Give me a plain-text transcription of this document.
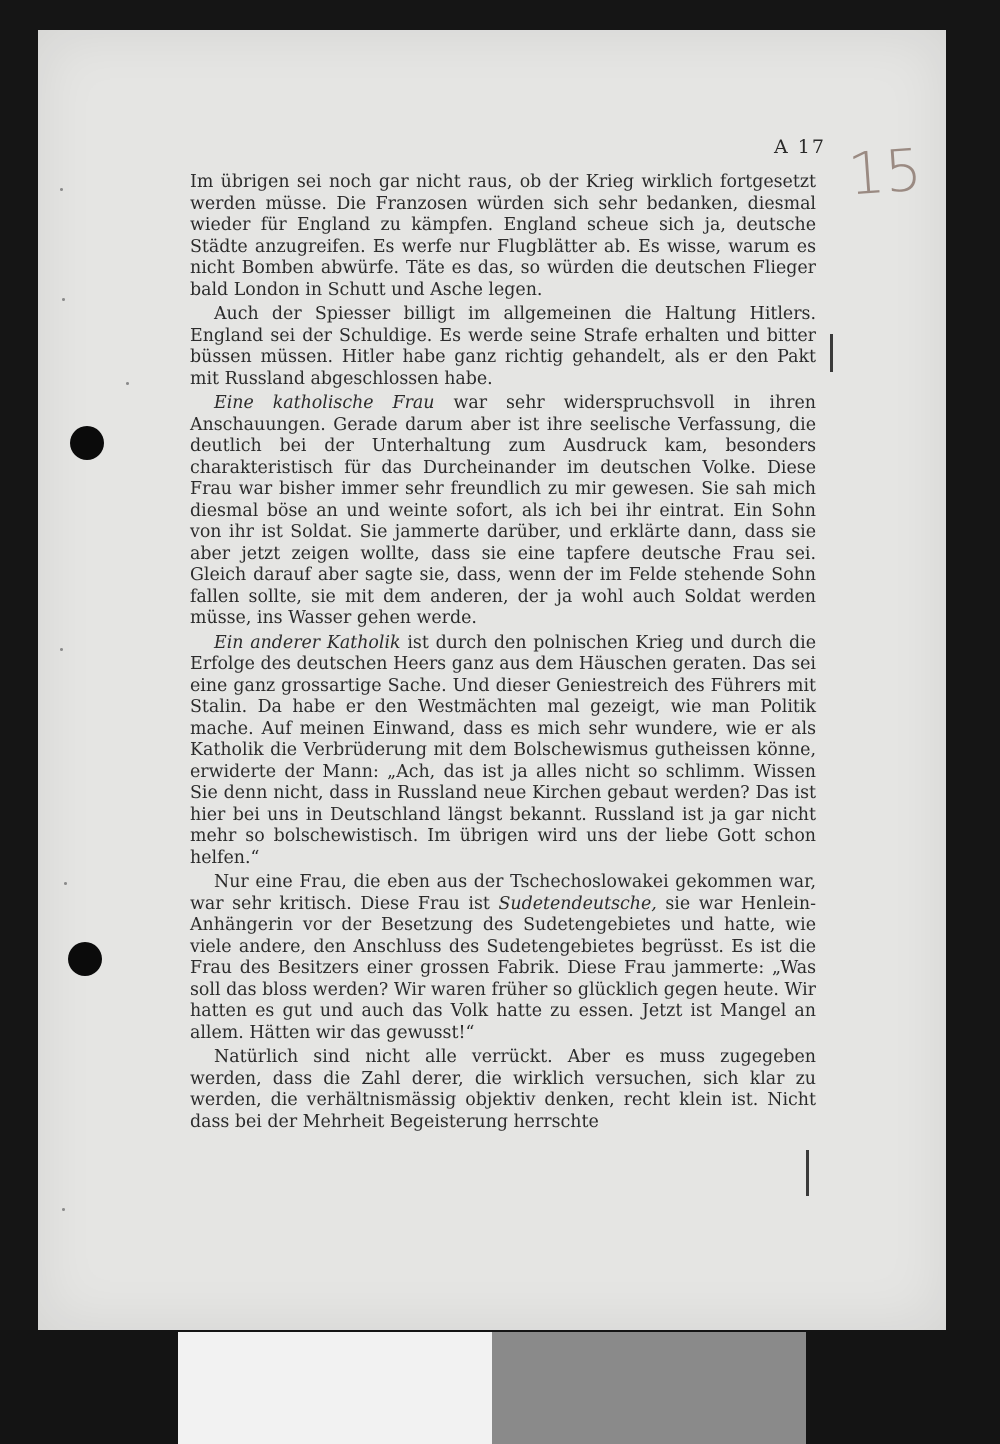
A 17 15

Im übrigen sei noch gar nicht raus, ob der Krieg wirklich fortgesetzt werden müsse. Die Franzosen würden sich sehr bedanken, diesmal wieder für England zu kämpfen. England scheue sich ja, deutsche Städte anzugreifen. Es werfe nur Flugblätter ab. Es wisse, warum es nicht Bomben abwürfe. Täte es das, so würden die deutschen Flieger bald London in Schutt und Asche legen.

Auch der Spiesser billigt im allgemeinen die Haltung Hitlers. England sei der Schuldige. Es werde seine Strafe erhalten und bitter büssen müssen. Hitler habe ganz richtig gehandelt, als er den Pakt mit Russland abgeschlossen habe.

Eine katholische Frau war sehr widerspruchsvoll in ihren Anschauungen. Gerade darum aber ist ihre seelische Verfassung, die deutlich bei der Unterhaltung zum Ausdruck kam, besonders charakteristisch für das Durcheinander im deutschen Volke. Diese Frau war bisher immer sehr freundlich zu mir gewesen. Sie sah mich diesmal böse an und weinte sofort, als ich bei ihr eintrat. Ein Sohn von ihr ist Soldat. Sie jammerte darüber, und erklärte dann, dass sie aber jetzt zeigen wollte, dass sie eine tapfere deutsche Frau sei. Gleich darauf aber sagte sie, dass, wenn der im Felde stehende Sohn fallen sollte, sie mit dem anderen, der ja wohl auch Soldat werden müsse, ins Wasser gehen werde.

Ein anderer Katholik ist durch den polnischen Krieg und durch die Erfolge des deutschen Heers ganz aus dem Häuschen geraten. Das sei eine ganz grossartige Sache. Und dieser Geniestreich des Führers mit Stalin. Da habe er den Westmächten mal gezeigt, wie man Politik mache. Auf meinen Einwand, dass es mich sehr wundere, wie er als Katholik die Verbrüderung mit dem Bolschewismus gutheissen könne, erwiderte der Mann: „Ach, das ist ja alles nicht so schlimm. Wissen Sie denn nicht, dass in Russland neue Kirchen gebaut werden? Das ist hier bei uns in Deutschland längst bekannt. Russland ist ja gar nicht mehr so bolschewistisch. Im übrigen wird uns der liebe Gott schon helfen.“

Nur eine Frau, die eben aus der Tschechoslowakei gekommen war, war sehr kritisch. Diese Frau ist Sudetendeutsche, sie war Henlein-Anhängerin vor der Besetzung des Sudetengebietes und hatte, wie viele andere, den Anschluss des Sudetengebietes begrüsst. Es ist die Frau des Besitzers einer grossen Fabrik. Diese Frau jammerte: „Was soll das bloss werden? Wir waren früher so glücklich gegen heute. Wir hatten es gut und auch das Volk hatte zu essen. Jetzt ist Mangel an allem. Hätten wir das gewusst!“

Natürlich sind nicht alle verrückt. Aber es muss zugegeben werden, dass die Zahl derer, die wirklich versuchen, sich klar zu werden, die verhältnismässig objektiv denken, recht klein ist. Nicht dass bei der Mehrheit Begeisterung herrschte
